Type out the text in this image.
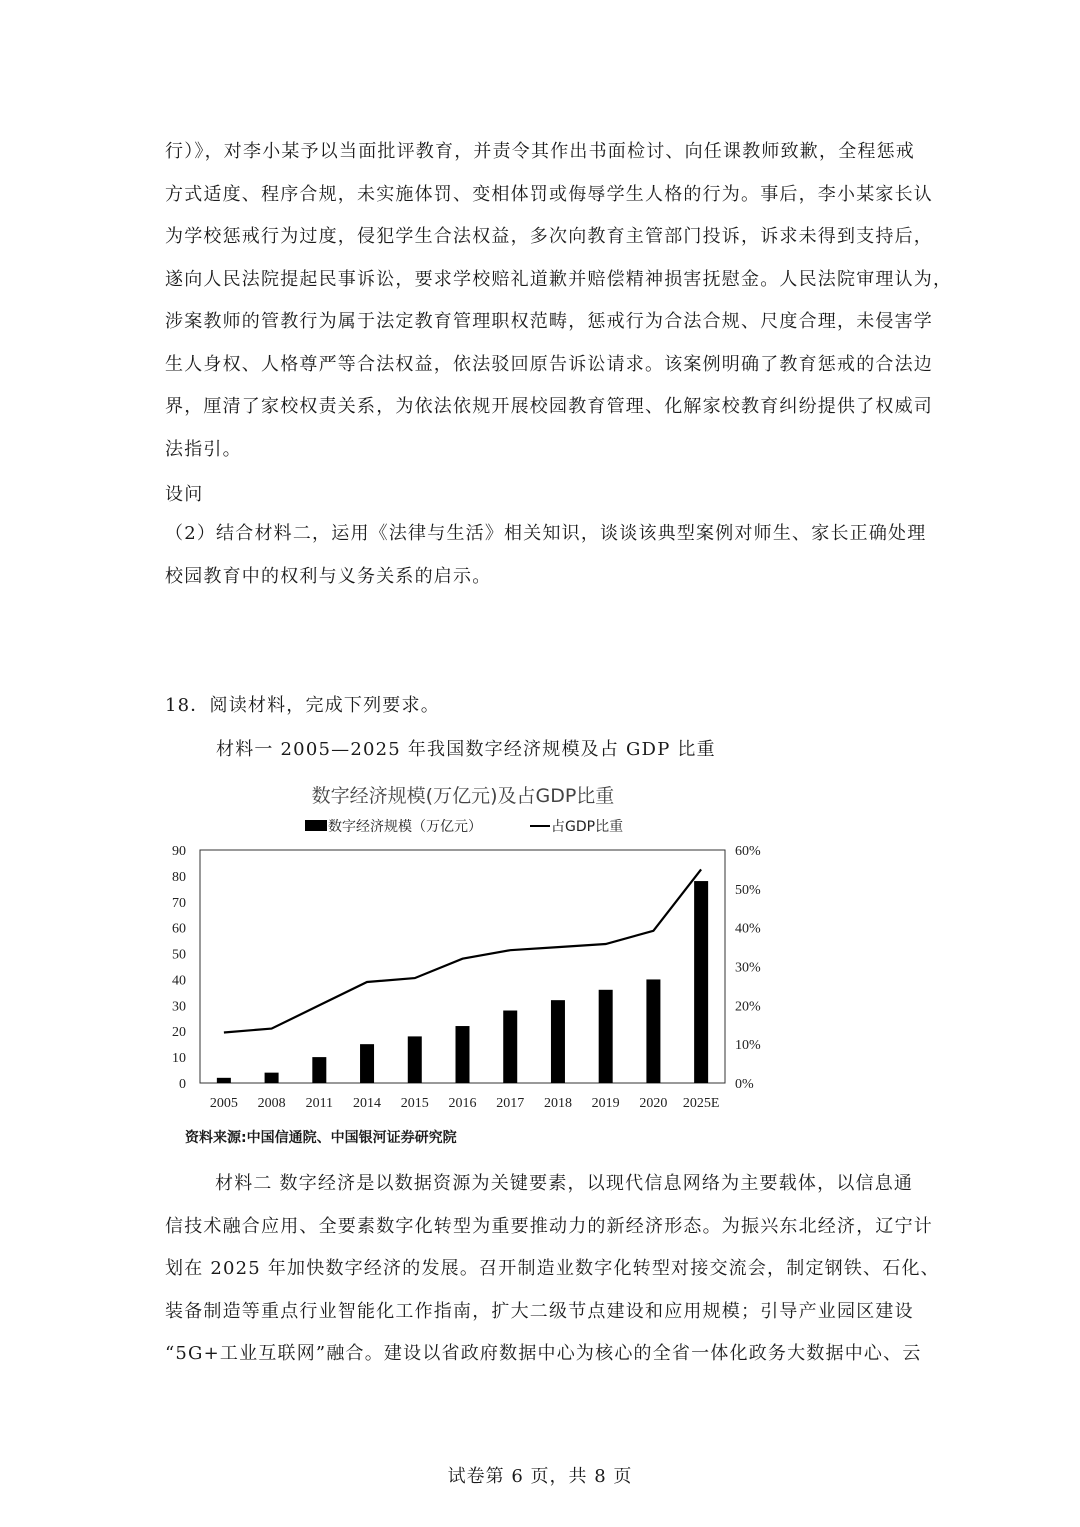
行）》，对李小某予以当面批评教育，并责令其作出书面检讨、向任课教师致歉，全程惩戒
方式适度、程序合规，未实施体罚、变相体罚或侮辱学生人格的行为。事后，李小某家长认
为学校惩戒行为过度，侵犯学生合法权益，多次向教育主管部门投诉，诉求未得到支持后，
遂向人民法院提起民事诉讼，要求学校赔礼道歉并赔偿精神损害抚慰金。人民法院审理认为，
涉案教师的管教行为属于法定教育管理职权范畴，惩戒行为合法合规、尺度合理，未侵害学
生人身权、人格尊严等合法权益，依法驳回原告诉讼请求。该案例明确了教育惩戒的合法边
界，厘清了家校权责关系，为依法依规开展校园教育管理、化解家校教育纠纷提供了权威司
法指引。
设问
（2）结合材料二，运用《法律与生活》相关知识，谈谈该典型案例对师生、家长正确处理
校园教育中的权利与义务关系的启示。
18．阅读材料，完成下列要求。
材料一 2005—2025 年我国数字经济规模及占 GDP 比重
数字经济规模(万亿元)及占GDP比重
数字经济规模（万亿元）	占GDP比重
0
10
20
30
40
50
60
70
80
90
0%
10%
20%
30%
40%
50%
60%
2005 2008 2011 2014 2015 2016 2017 2018 2019 2020 2025E
资料来源:中国信通院、中国银河证券研究院
材料二 数字经济是以数据资源为关键要素，以现代信息网络为主要载体，以信息通
信技术融合应用、全要素数字化转型为重要推动力的新经济形态。为振兴东北经济，辽宁计
划在 2025 年加快数字经济的发展。召开制造业数字化转型对接交流会，制定钢铁、石化、
装备制造等重点行业智能化工作指南，扩大二级节点建设和应用规模；引导产业园区建设
“5G+工业互联网”融合。建设以省政府数据中心为核心的全省一体化政务大数据中心、云
试卷第 6 页，共 8 页
